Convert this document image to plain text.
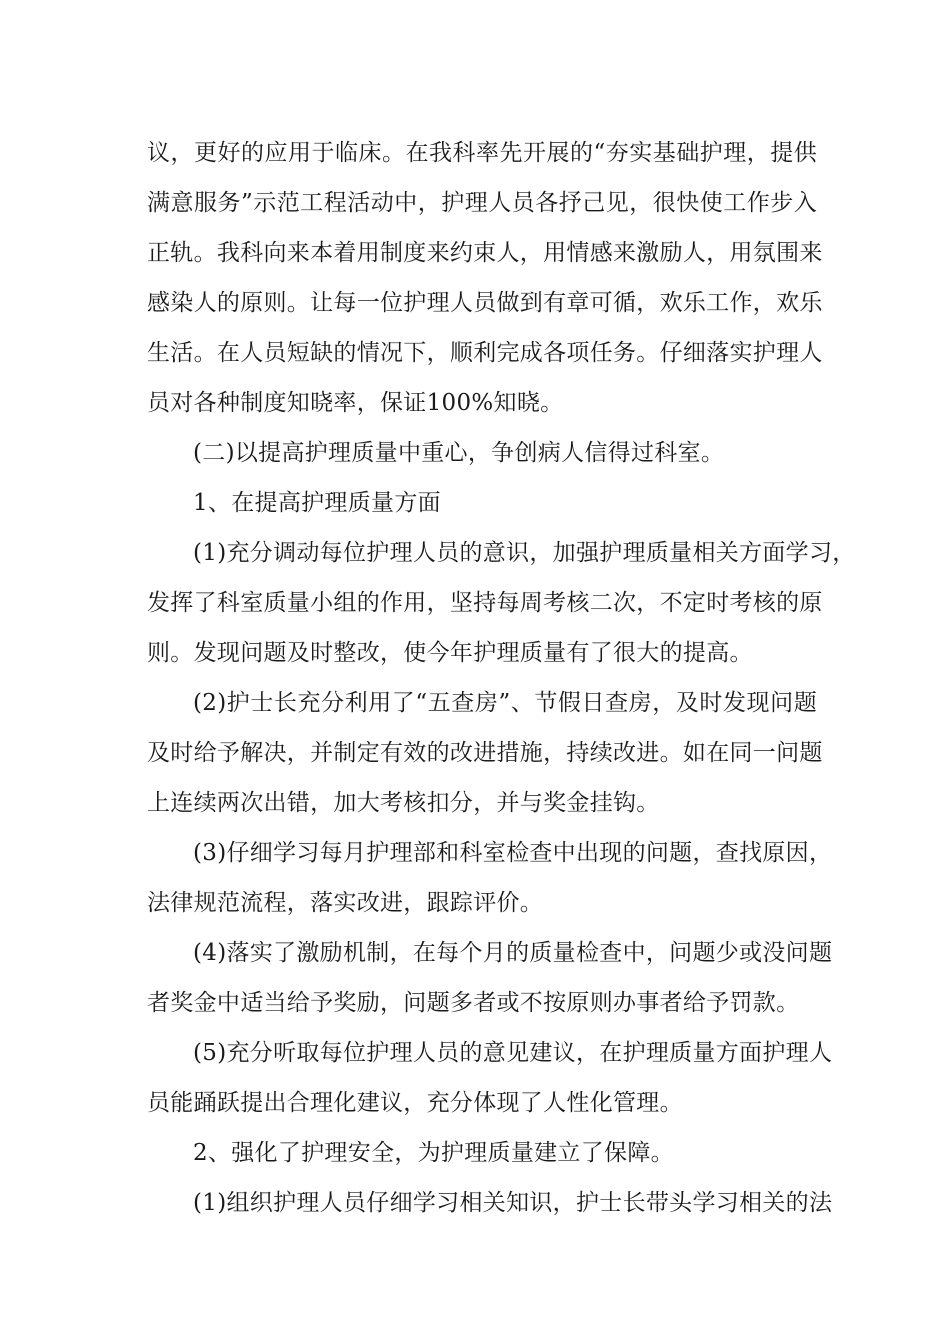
议，更好的应用于临床。在我科率先开展的“夯实基础护理，提供
满意服务”示范工程活动中，护理人员各抒己见，很快使工作步入
正轨。我科向来本着用制度来约束人，用情感来激励人，用氛围来
感染人的原则。让每一位护理人员做到有章可循，欢乐工作，欢乐
生活。在人员短缺的情况下，顺利完成各项任务。仔细落实护理人
员对各种制度知晓率，保证100%知晓。

(二)以提高护理质量中重心，争创病人信得过科室。

1、在提高护理质量方面

(1)充分调动每位护理人员的意识，加强护理质量相关方面学习，
发挥了科室质量小组的作用，坚持每周考核二次，不定时考核的原
则。发现问题及时整改，使今年护理质量有了很大的提高。

(2)护士长充分利用了“五查房”、节假日查房，及时发现问题
及时给予解决，并制定有效的改进措施，持续改进。如在同一问题
上连续两次出错，加大考核扣分，并与奖金挂钩。

(3)仔细学习每月护理部和科室检查中出现的问题，查找原因，
法律规范流程，落实改进，跟踪评价。

(4)落实了激励机制，在每个月的质量检查中，问题少或没问题
者奖金中适当给予奖励，问题多者或不按原则办事者给予罚款。

(5)充分听取每位护理人员的意见建议，在护理质量方面护理人
员能踊跃提出合理化建议，充分体现了人性化管理。

2、强化了护理安全，为护理质量建立了保障。

(1)组织护理人员仔细学习相关知识，护士长带头学习相关的法
